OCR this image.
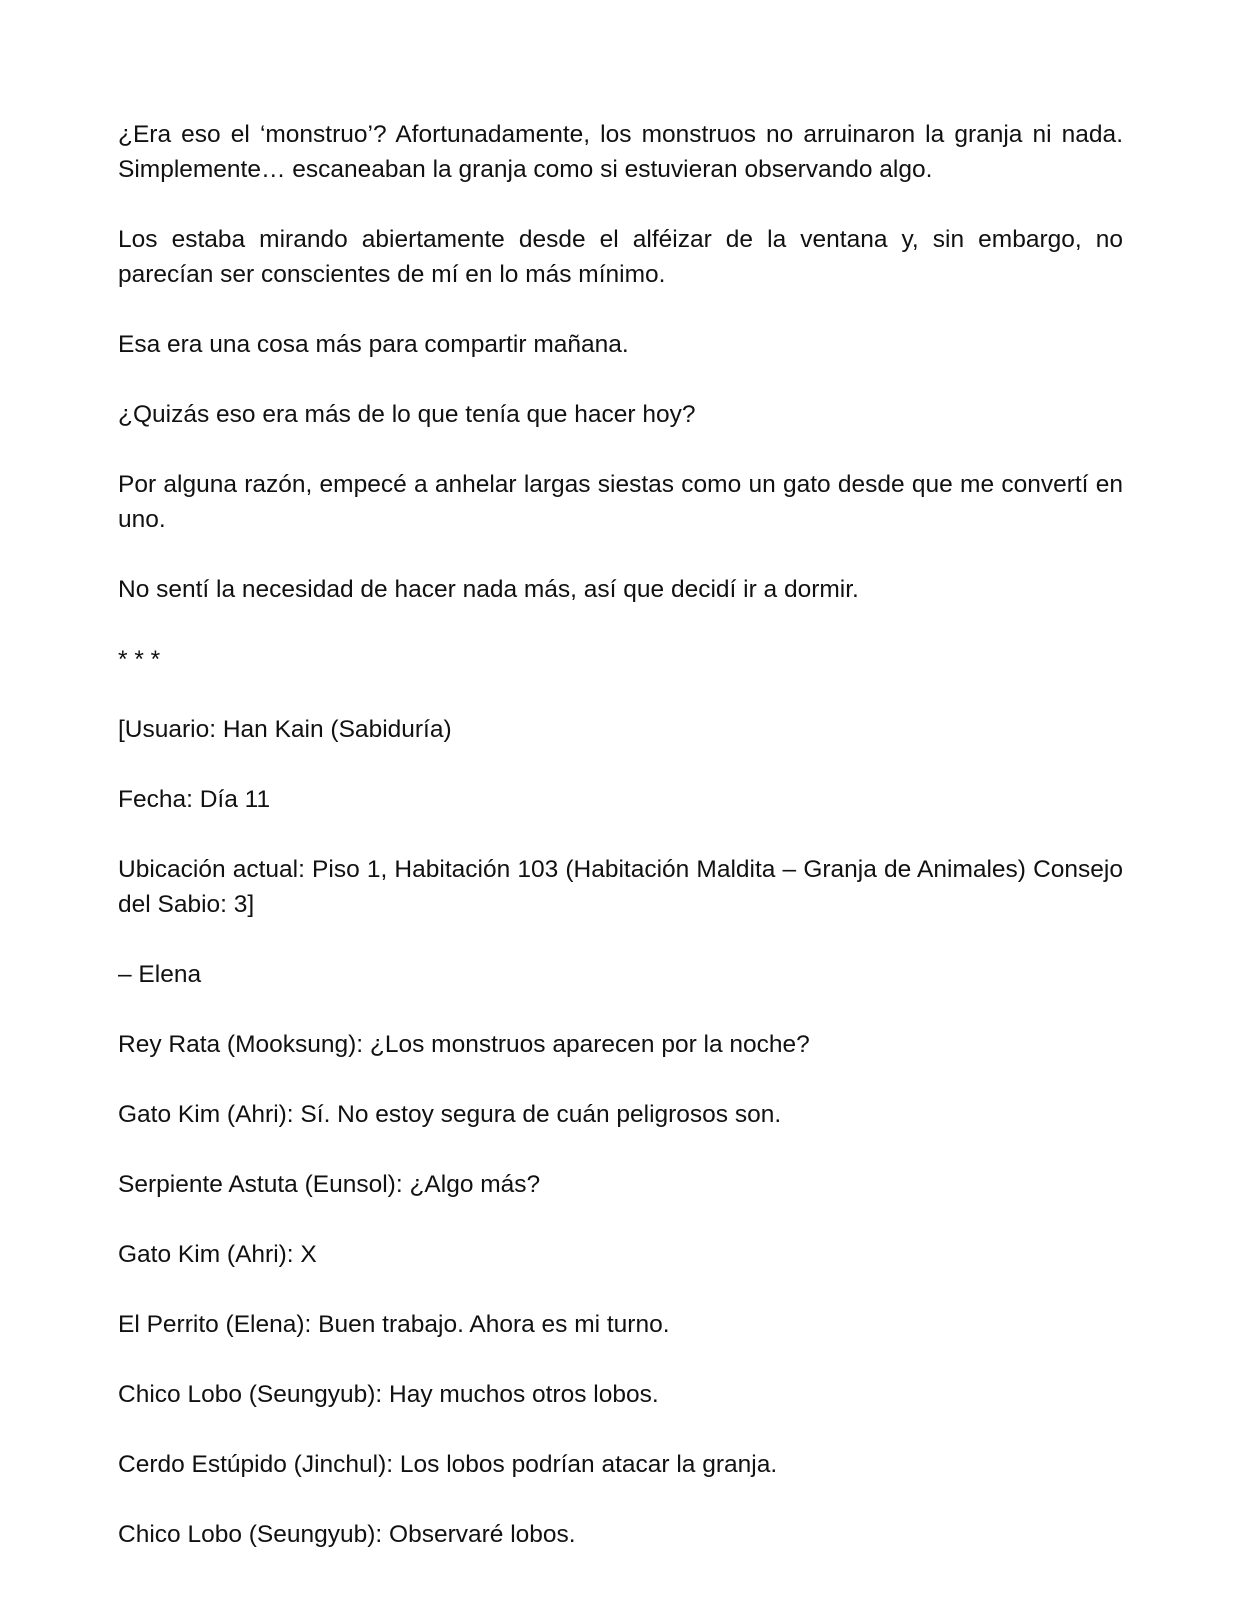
¿Era eso el ‘monstruo’? Afortunadamente, los monstruos no arruinaron la granja ni nada. Simplemente… escaneaban la granja como si estuvieran observando algo.

Los estaba mirando abiertamente desde el alféizar de la ventana y, sin embargo, no parecían ser conscientes de mí en lo más mínimo.

Esa era una cosa más para compartir mañana.

¿Quizás eso era más de lo que tenía que hacer hoy?

Por alguna razón, empecé a anhelar largas siestas como un gato desde que me convertí en uno.

No sentí la necesidad de hacer nada más, así que decidí ir a dormir.

* * *

[Usuario: Han Kain (Sabiduría)

Fecha: Día 11

Ubicación actual: Piso 1, Habitación 103 (Habitación Maldita – Granja de Animales) Consejo del Sabio: 3]

– Elena

Rey Rata (Mooksung): ¿Los monstruos aparecen por la noche?

Gato Kim (Ahri): Sí. No estoy segura de cuán peligrosos son.

Serpiente Astuta (Eunsol): ¿Algo más?

Gato Kim (Ahri): X

El Perrito (Elena): Buen trabajo. Ahora es mi turno.

Chico Lobo (Seungyub): Hay muchos otros lobos.

Cerdo Estúpido (Jinchul): Los lobos podrían atacar la granja.

Chico Lobo (Seungyub): Observaré lobos.
